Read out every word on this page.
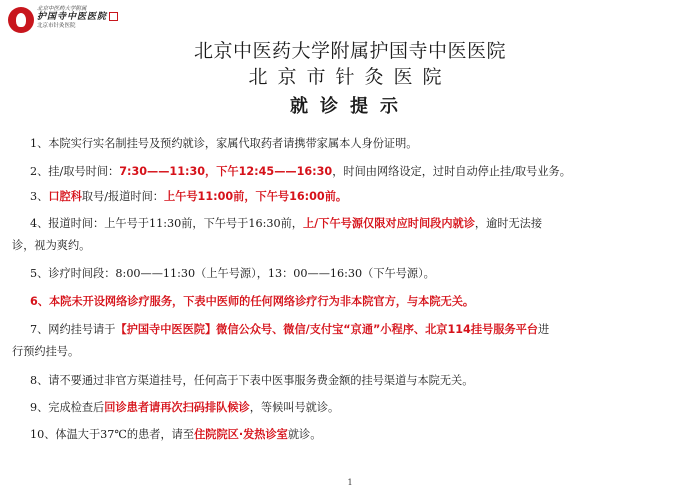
北京中医药大学附属
护国寺中医医院
北京市针灸医院
北京中医药大学附属护国寺中医医院
北京市针灸医院
就诊提示
1、本院实行实名制挂号及预约就诊，家属代取药者请携带家属本人身份证明。
2、挂/取号时间：7:30——11:30，下午12:45——16:30，时间由网络设定，过时自动停止挂/取号业务。
3、口腔科取号/报道时间：上午号11:00前，下午号16:00前。
4、报道时间：上午号于11:30前，下午号于16:30前，上/下午号源仅限对应时间段内就诊，逾时无法接
诊，视为爽约。
5、诊疗时间段：8:00——11:30（上午号源），13：00——16:30（下午号源）。
6、本院未开设网络诊疗服务，下表中医师的任何网络诊疗行为非本院官方，与本院无关。
7、网约挂号请于【护国寺中医医院】微信公众号、微信/支付宝“京通”小程序、北京114挂号服务平台进
行预约挂号。
8、请不要通过非官方渠道挂号，任何高于下表中医事服务费金额的挂号渠道与本院无关。
9、完成检查后回诊患者请再次扫码排队候诊，等候叫号就诊。
10、体温大于37℃的患者，请至住院院区·发热诊室就诊。
1
